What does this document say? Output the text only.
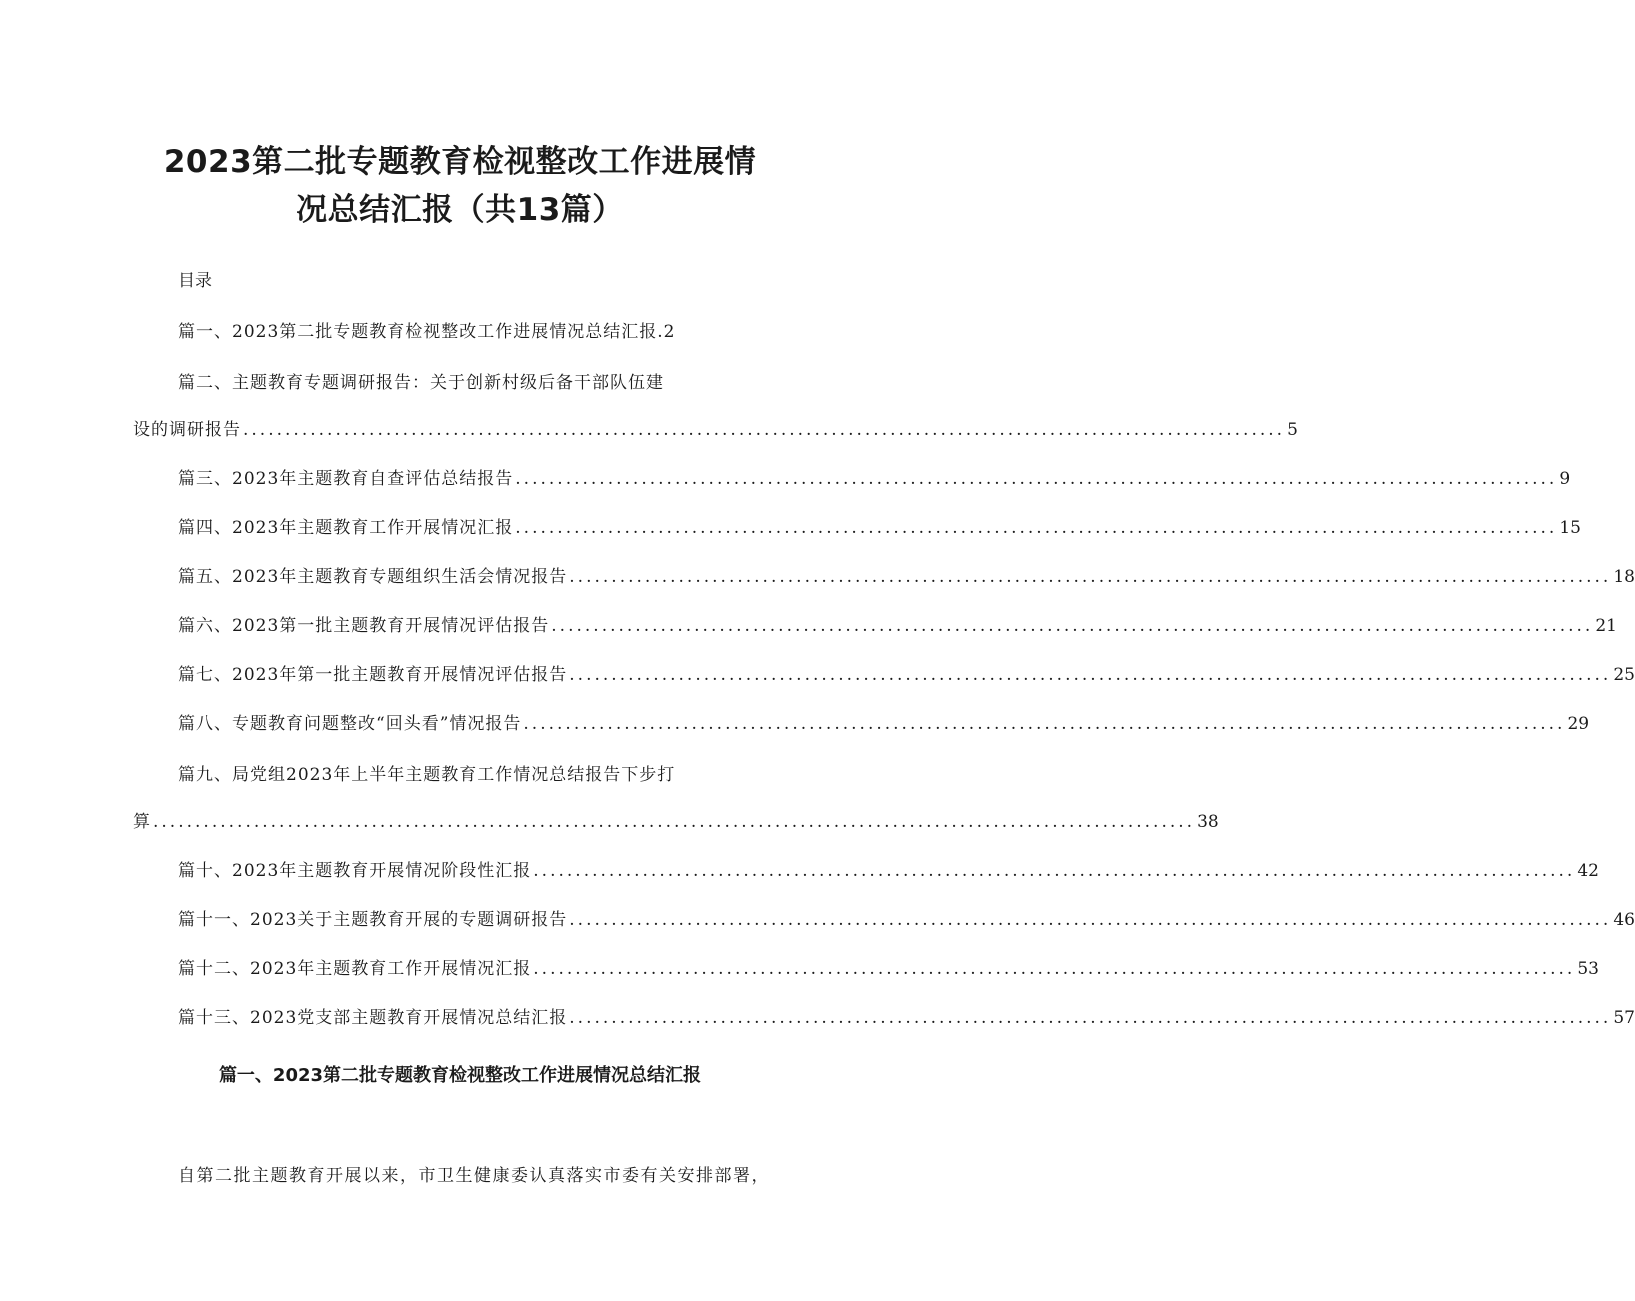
2023第二批专题教育检视整改工作进展情
况总结汇报（共13篇）
目录
篇一、2023第二批专题教育检视整改工作进展情况总结汇报.2
篇二、主题教育专题调研报告：关于创新村级后备干部队伍建
设的调研报告 ............................................................................................................................ 5
篇三、2023年主题教育自查评估总结报告 ............................................................................................................................ 9
篇四、2023年主题教育工作开展情况汇报 ............................................................................................................................ 15
篇五、2023年主题教育专题组织生活会情况报告 ............................................................................................................................ 18
篇六、2023第一批主题教育开展情况评估报告 ............................................................................................................................ 21
篇七、2023年第一批主题教育开展情况评估报告 ............................................................................................................................ 25
篇八、专题教育问题整改“回头看”情况报告 ............................................................................................................................ 29
篇九、局党组2023年上半年主题教育工作情况总结报告下步打
算 ............................................................................................................................ 38
篇十、2023年主题教育开展情况阶段性汇报 ............................................................................................................................ 42
篇十一、2023关于主题教育开展的专题调研报告 ............................................................................................................................ 46
篇十二、2023年主题教育工作开展情况汇报 ............................................................................................................................ 53
篇十三、2023党支部主题教育开展情况总结汇报 ............................................................................................................................ 57
篇一、2023第二批专题教育检视整改工作进展情况总结汇报
自第二批主题教育开展以来，市卫生健康委认真落实市委有关安排部署，
